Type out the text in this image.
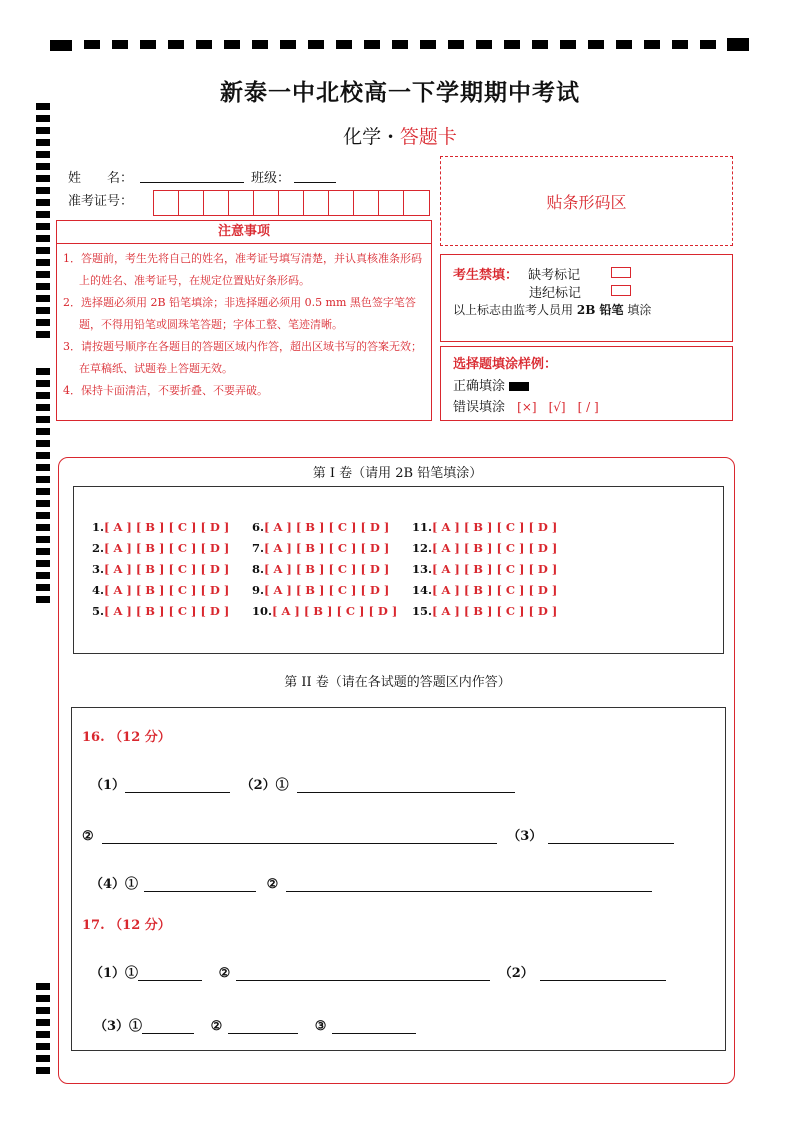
新泰一中北校高一下学期期中考试
化学 · 答题卡
姓　　名：	班级：
准考证号：	贴条形码区
注意事项

1．答题前，考生先将自己的姓名，准考证号填写清楚，并认真核准条形码上的姓名、准考证号，在规定位置贴好条形码。

2．选择题必须用 2B 铅笔填涂；非选择题必须用 0.5 mm 黑色签字笔答题，不得用铅笔或圆珠笔答题；字体工整、笔迹清晰。

3．请按题号顺序在各题目的答题区域内作答，超出区域书写的答案无效；在草稿纸、试题卷上答题无效。

4．保持卡面清洁，不要折叠、不要弄破。

考生禁填： 缺考标记
违纪标记
以上标志由监考人员用 2B 铅笔 填涂
选择题填涂样例：
正确填涂
错误填涂 [×]　[√]　[ / ]
第 I 卷（请用 2B 铅笔填涂）
1.[ A ] [ B ] [ C ] [ D ]
2.[ A ] [ B ] [ C ] [ D ]
3.[ A ] [ B ] [ C ] [ D ]
4.[ A ] [ B ] [ C ] [ D ]
5.[ A ] [ B ] [ C ] [ D ]
6.[ A ] [ B ] [ C ] [ D ]
7.[ A ] [ B ] [ C ] [ D ]
8.[ A ] [ B ] [ C ] [ D ]
9.[ A ] [ B ] [ C ] [ D ]
10.[ A ] [ B ] [ C ] [ D ]
11.[ A ] [ B ] [ C ] [ D ]
12.[ A ] [ B ] [ C ] [ D ]
13.[ A ] [ B ] [ C ] [ D ]
14.[ A ] [ B ] [ C ] [ D ]
15.[ A ] [ B ] [ C ] [ D ]
第 II 卷（请在各试题的答题区内作答）
16. （12 分）
（1）	（2）①
②	（3）
（4）①	②
17. （12 分）
（1）①	②	（2）
（3）①	②	③
